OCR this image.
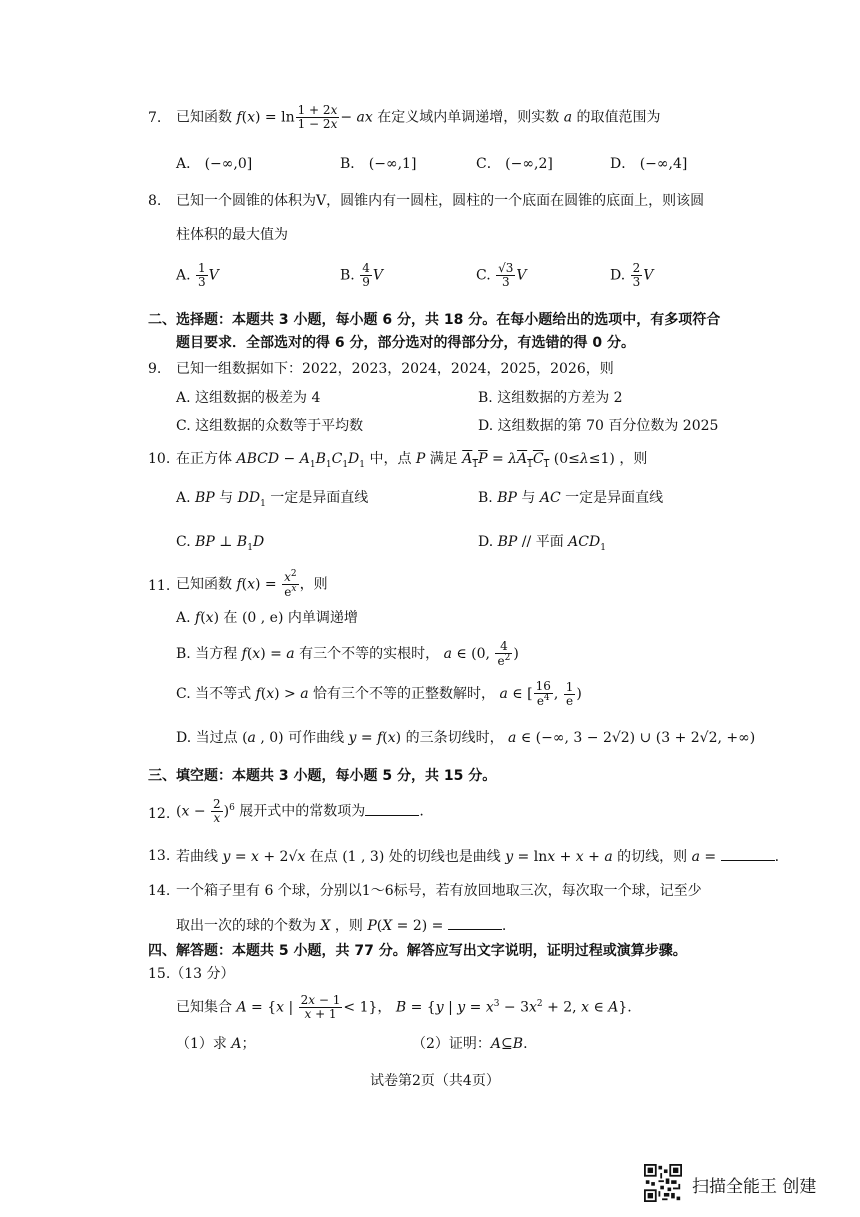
7. 已知函数 $f(x) = \ln \frac{1 + 2x}{1 - 2x}$ − ax 在定义域内单调递增，则实数 a 的取值范围为
A． (−∞,0]	B． (−∞,1]	C． (−∞,2]	D． (−∞,4]
8. 已知一个圆锥的体积为V，圆锥内有一圆柱，圆柱的一个底面在圆锥的底面上，则该圆
柱体积的最大值为
A. $\frac{1}{3}$ V	B. $\frac{4}{9}$ V	C. $\frac{√3}{3}$ V	D. $\frac{2}{3}$ V
二、选择题：本题共 3 小题，每小题 6 分，共 18 分。在每小题给出的选项中，有多项符合
题目要求．全部选对的得 6 分，部分选对的得部分分，有选错的得 0 分。
9. 已知一组数据如下：2022，2023，2024，2024，2025，2026，则
A. 这组数据的极差为 4	B. 这组数据的方差为 2
C. 这组数据的众数等于平均数	D. 这组数据的第 70 百分位数为 2025
10. 在正方体 ABCD − $A_1B_1C_1D_1$ 中，点 P 满足 $A_1P = \lambda A_1C_1$ (0≤λ≤1) ，则
A. BP 与 $DD_1$ 一定是异面直线	B. BP 与 AC 一定是异面直线
C. BP ⊥ $B_1D$	D. BP // 平面 $ACD_1$
11. 已知函数 $f(x) = \frac{x^2}{e^x}$ ，则
A. f(x) 在 (0 , e) 内单调递增
B. 当方程 f(x) = a 有三个不等的实根时， a ∈ (0, $\frac{4}{e^2}$ )
C. 当不等式 f(x) > a 恰有三个不等的正整数解时， a ∈ [ $\frac{16}{e^4}$ , $\frac{1}{e}$ )
D. 当过点 (a , 0) 可作曲线 y = f(x) 的三条切线时， a ∈ (−∞, 3 − 2√2) ∪ (3 + 2√2, +∞)
三、填空题：本题共 3 小题，每小题 5 分，共 15 分。
12. $(x - \frac{2}{x} )^6$ 展开式中的常数项为	.
13. 若曲线 y = x + 2√x 在点 (1 , 3) 处的切线也是曲线 y = lnx + x + a 的切线，则 a =	.
14. 一个箱子里有 6 个球，分别以1～6标号，若有放回地取三次，每次取一个球，记至少
取出一次的球的个数为 X ，则 P(X = 2) =	.
四、解答题：本题共 5 小题，共 77 分。解答应写出文字说明，证明过程或演算步骤。
15.（13 分）
已知集合 A = {x | $\frac{2x - 1}{x + 1} < 1$}， B = {y | $y = x^3 - 3x^2 + 2$, x ∈ A}.
（1）求 A；	（2）证明：A⊆B.
试卷第2页（共4页）
扫描全能王 创建
